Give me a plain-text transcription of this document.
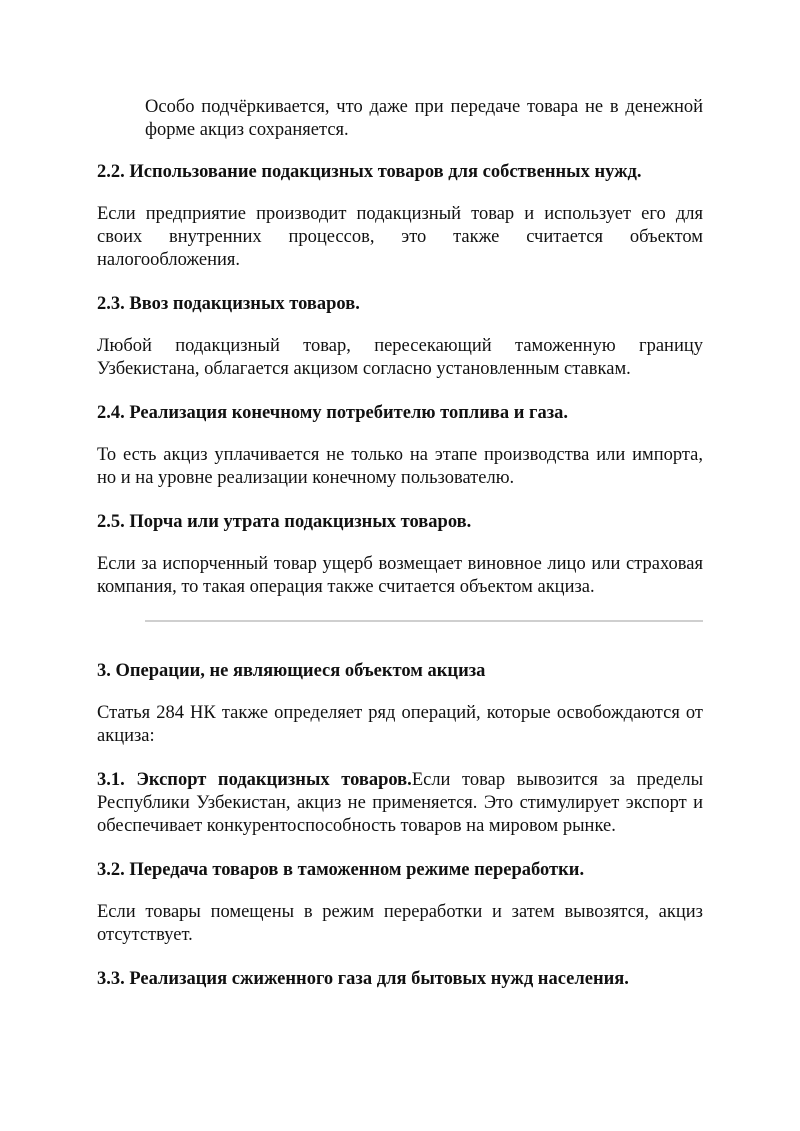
Особо подчёркивается, что даже при передаче товара не в денежной форме акциз сохраняется.

2.2. Использование подакцизных товаров для собственных нужд.

Если предприятие производит подакцизный товар и использует его для своих внутренних процессов, это также считается объектом налогообложения.

2.3. Ввоз подакцизных товаров.

Любой подакцизный товар, пересекающий таможенную границу Узбекистана, облагается акцизом согласно установленным ставкам.

2.4. Реализация конечному потребителю топлива и газа.

То есть акциз уплачивается не только на этапе производства или импорта, но и на уровне реализации конечному пользователю.

2.5. Порча или утрата подакцизных товаров.

Если за испорченный товар ущерб возмещает виновное лицо или страховая компания, то такая операция также считается объектом акциза.

3. Операции, не являющиеся объектом акциза

Статья 284 НК также определяет ряд операций, которые освобождаются от акциза:

3.1. Экспорт подакцизных товаров.Если товар вывозится за пределы Республики Узбекистан, акциз не применяется. Это стимулирует экспорт и обеспечивает конкурентоспособность товаров на мировом рынке.

3.2. Передача товаров в таможенном режиме переработки.

Если товары помещены в режим переработки и затем вывозятся, акциз отсутствует.

3.3. Реализация сжиженного газа для бытовых нужд населения.
